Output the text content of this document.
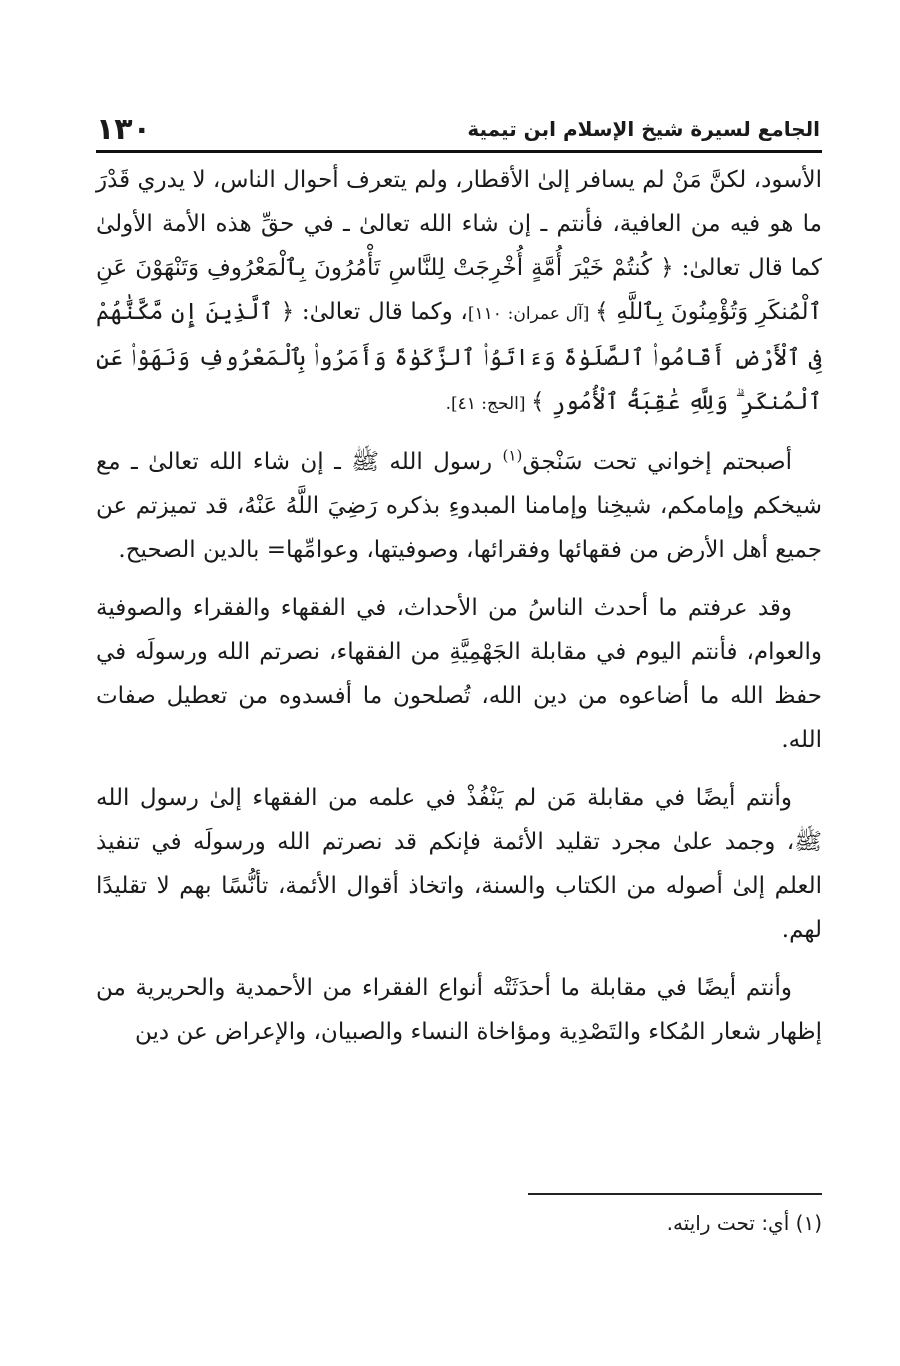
١٣٠	الجامع لسيرة شيخ الإسلام ابن تيمية

الأسود، لكنَّ مَنْ لم يسافر إلىٰ الأقطار، ولم يتعرف أحوال الناس، لا يدري قَدْرَ ما هو فيه من العافية، فأنتم ـ إن شاء الله تعالىٰ ـ في حقِّ هذه الأمة الأولىٰ كما قال تعالىٰ: ﴿ كُنتُمْ خَيْرَ أُمَّةٍ أُخْرِجَتْ لِلنَّاسِ تَأْمُرُونَ بِٱلْمَعْرُوفِ وَتَنْهَوْنَ عَنِ ٱلْمُنكَرِ وَتُؤْمِنُونَ بِٱللَّهِ ﴾ [آل عمران: ١١٠]، وكما قال تعالىٰ: ﴿ ٱلَّذِينَ إِن مَّكَّنَّٰهُمْ فِى ٱلْأَرْضِ أَقَامُوا۟ ٱلصَّلَوٰةَ وَءَاتَوُا۟ ٱلزَّكَوٰةَ وَأَمَرُوا۟ بِٱلْمَعْرُوفِ وَنَهَوْا۟ عَنِ ٱلْمُنكَرِ ۗ وَلِلَّهِ عَٰقِبَةُ ٱلْأُمُورِ ﴾ [الحج: ٤١].

أصبحتم إخواني تحت سَنْجق$^{(١)}$ رسول الله ﷺ ـ إن شاء الله تعالىٰ ـ مع شيخكم وإمامكم، شيخِنا وإمامنا المبدوءِ بذكره رَضِيَ اللَّهُ عَنْهُ، قد تميزتم عن جميع أهل الأرض من فقهائها وفقرائها، وصوفيتها، وعوامِّها= بالدين الصحيح.

وقد عرفتم ما أحدث الناسُ من الأحداث، في الفقهاء والفقراء والصوفية والعوام، فأنتم اليوم في مقابلة الجَهْمِيَّةِ من الفقهاء، نصرتم الله ورسولَه في حفظ الله ما أضاعوه من دين الله، تُصلحون ما أفسدوه من تعطيل صفات الله.

وأنتم أيضًا في مقابلة مَن لم يَنْفُذْ في علمه من الفقهاء إلىٰ رسول الله ﷺ، وجمد علىٰ مجرد تقليد الأئمة فإنكم قد نصرتم الله ورسولَه في تنفيذ العلم إلىٰ أصوله من الكتاب والسنة، واتخاذ أقوال الأئمة، تأنُّسًا بهم لا تقليدًا لهم.

وأنتم أيضًا في مقابلة ما أحدَثَتْه أنواع الفقراء من الأحمدية والحريرية من إظهار شعار المُكاء والتَصْدِية ومؤاخاة النساء والصبيان، والإعراض عن دين

(١) أي: تحت رايته.
